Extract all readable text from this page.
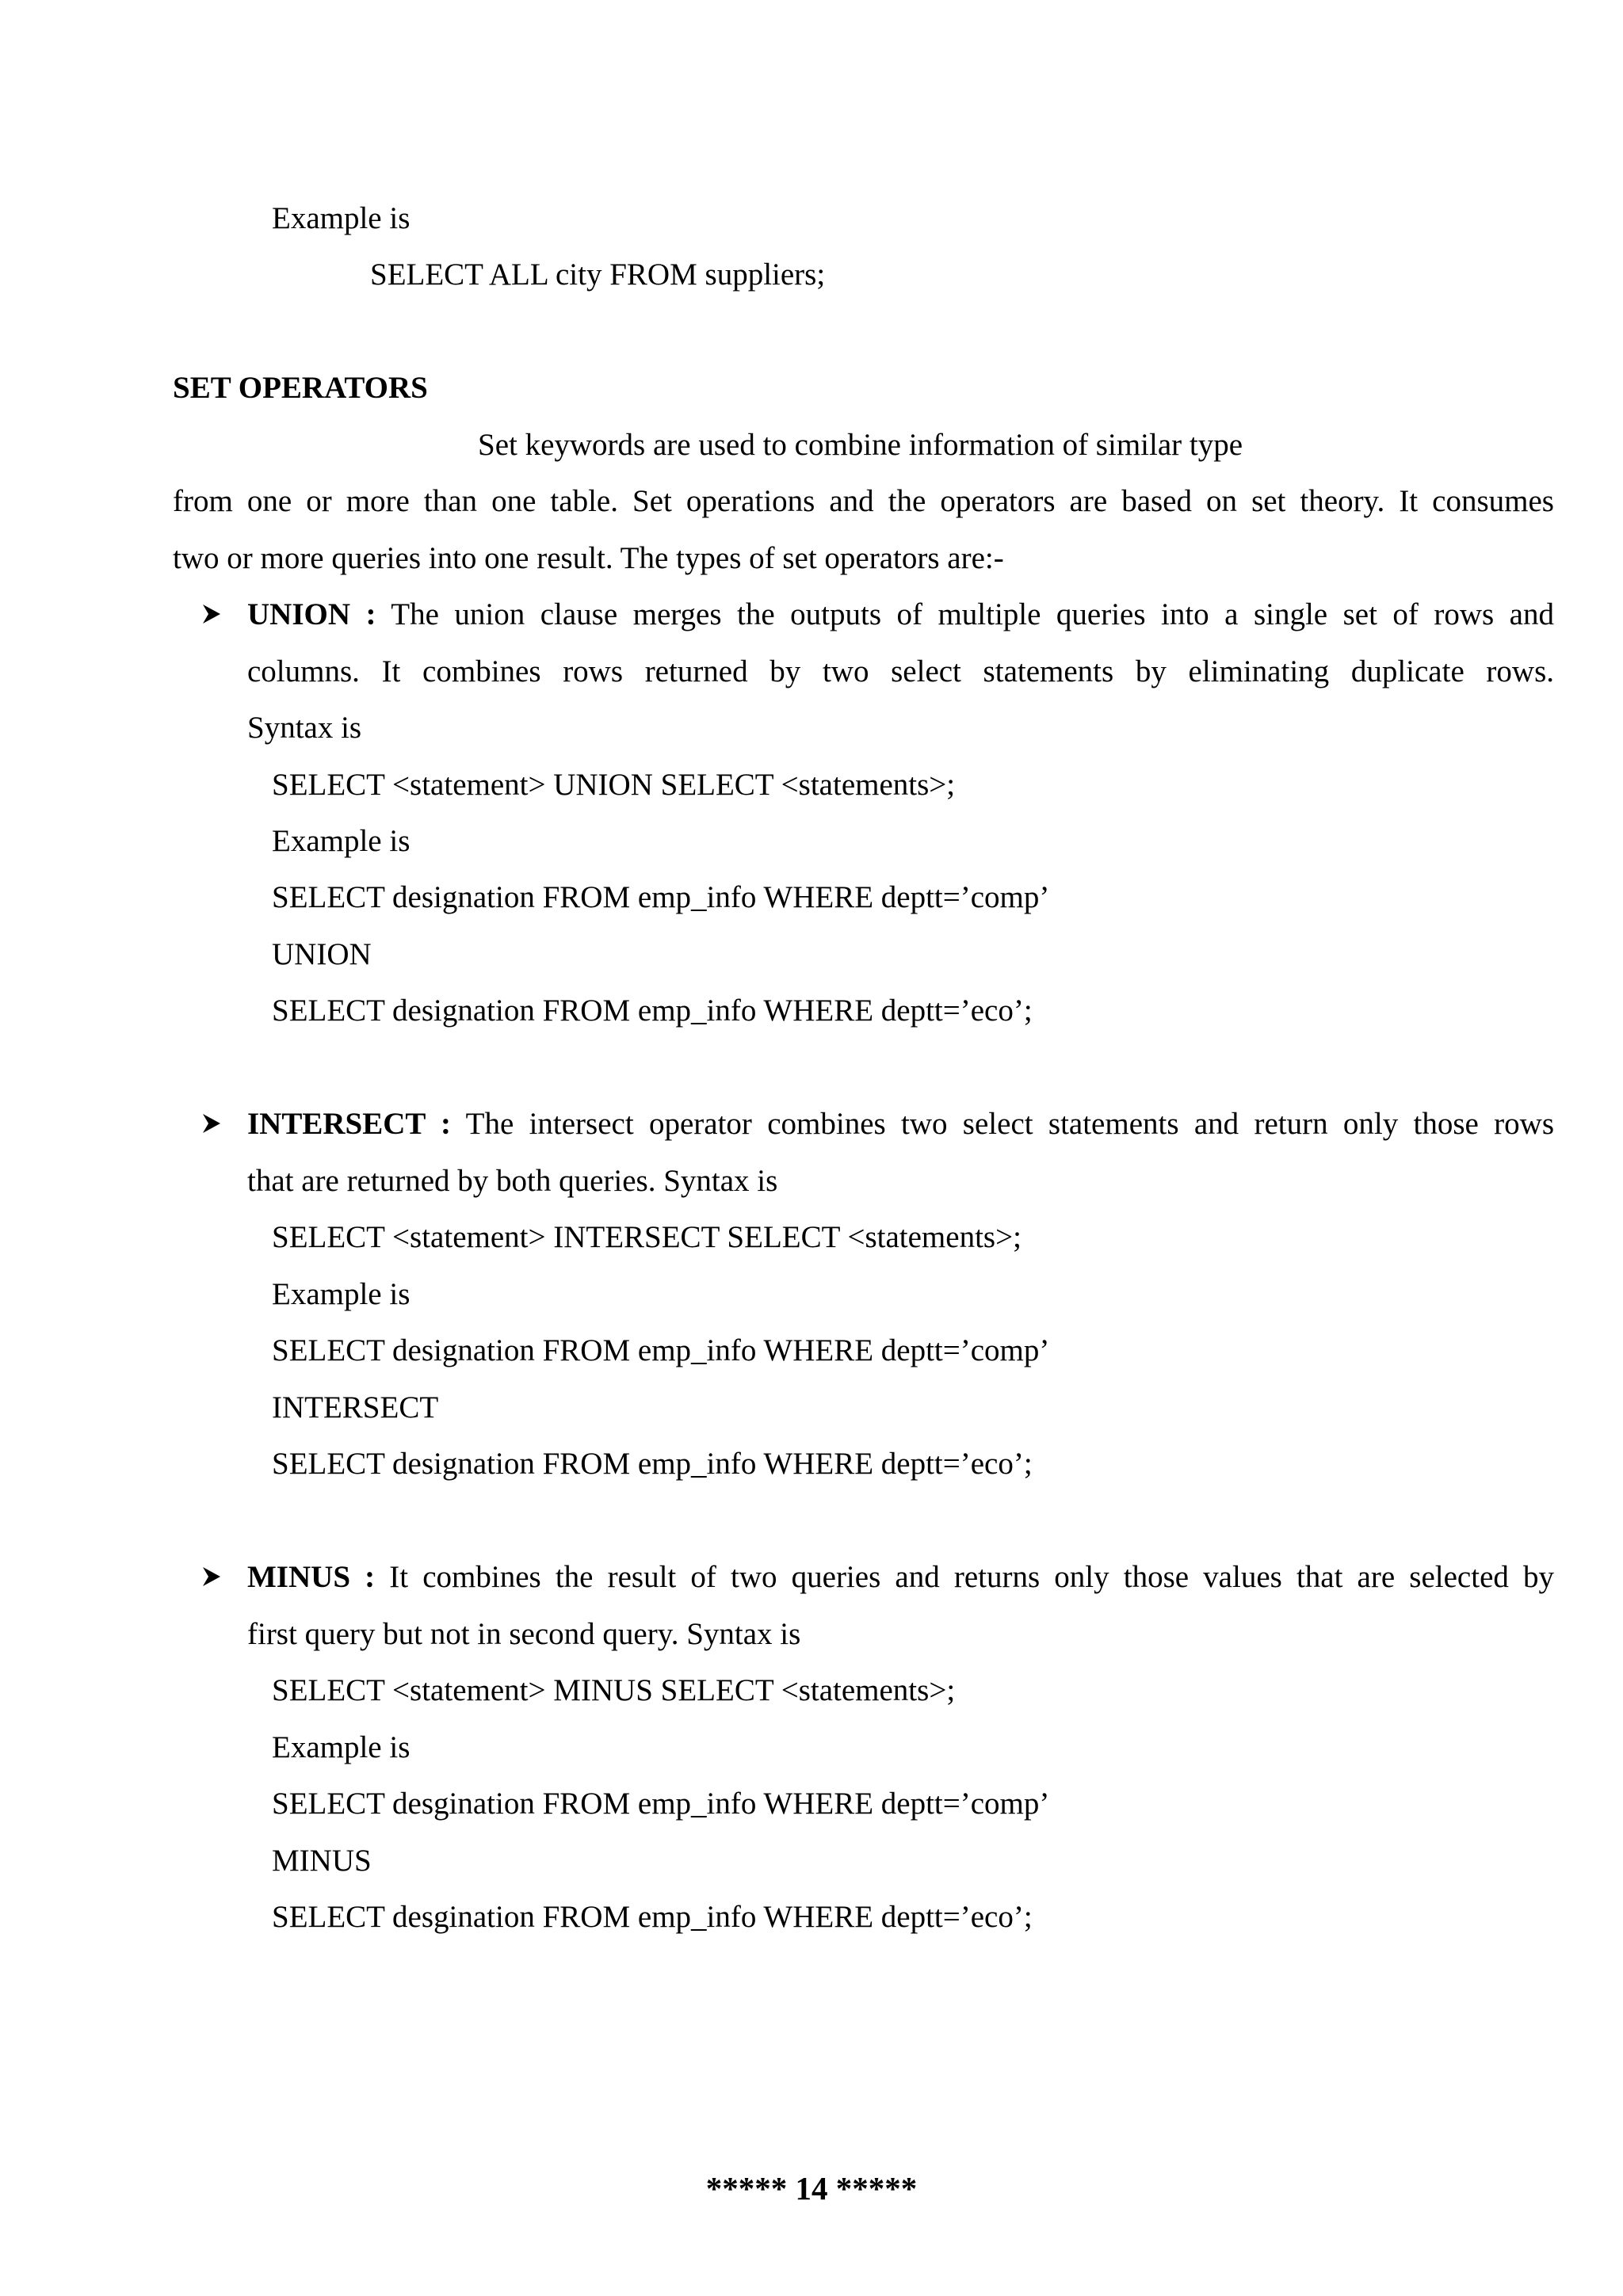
Example is
SELECT ALL city FROM suppliers;
SET OPERATORS
Set keywords are used to combine information of similar type
from one or more than one table. Set operations and the operators are based on set theory. It consumes
two or more queries into one result. The types of set operators are:-
UNION : The union clause merges the outputs of multiple queries into a single set of rows and
columns. It combines rows returned by two select statements by eliminating duplicate rows.
Syntax is
SELECT <statement> UNION SELECT <statements>;
Example is
SELECT designation FROM emp_info WHERE deptt=’comp’
UNION
SELECT designation FROM emp_info WHERE deptt=’eco’;
INTERSECT : The intersect operator combines two select statements and return only those rows
that are returned by both queries. Syntax is
SELECT <statement> INTERSECT SELECT <statements>;
Example is
SELECT designation FROM emp_info WHERE deptt=’comp’
INTERSECT
SELECT designation FROM emp_info WHERE deptt=’eco’;
MINUS : It combines the result of two queries and returns only those values that are selected by
first query but not in second query. Syntax is
SELECT <statement> MINUS SELECT <statements>;
Example is
SELECT desgination FROM emp_info WHERE deptt=’comp’
MINUS
SELECT desgination FROM emp_info WHERE deptt=’eco’;
***** 14 *****
